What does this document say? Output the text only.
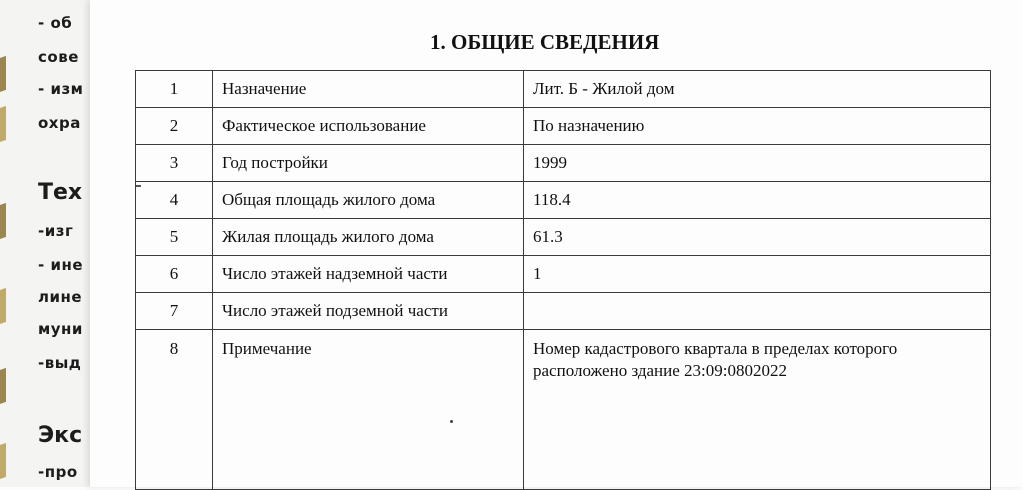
- об

сове

- изм

охра

Тех

-изг

- ине

лине

муни

-выд

Экс

-про

1. ОБЩИЕ СВЕДЕНИЯ
1	Назначение	Лит. Б - Жилой дом
2	Фактическое использование	По назначению
3	Год постройки	1999
4	Общая площадь жилого дома	118.4
5	Жилая площадь жилого дома	61.3
6	Число этажей надземной части	1
7	Число этажей подземной части	
8	Примечание	Номер кадастрового квартала в пределах которого расположено здание 23:09:0802022
